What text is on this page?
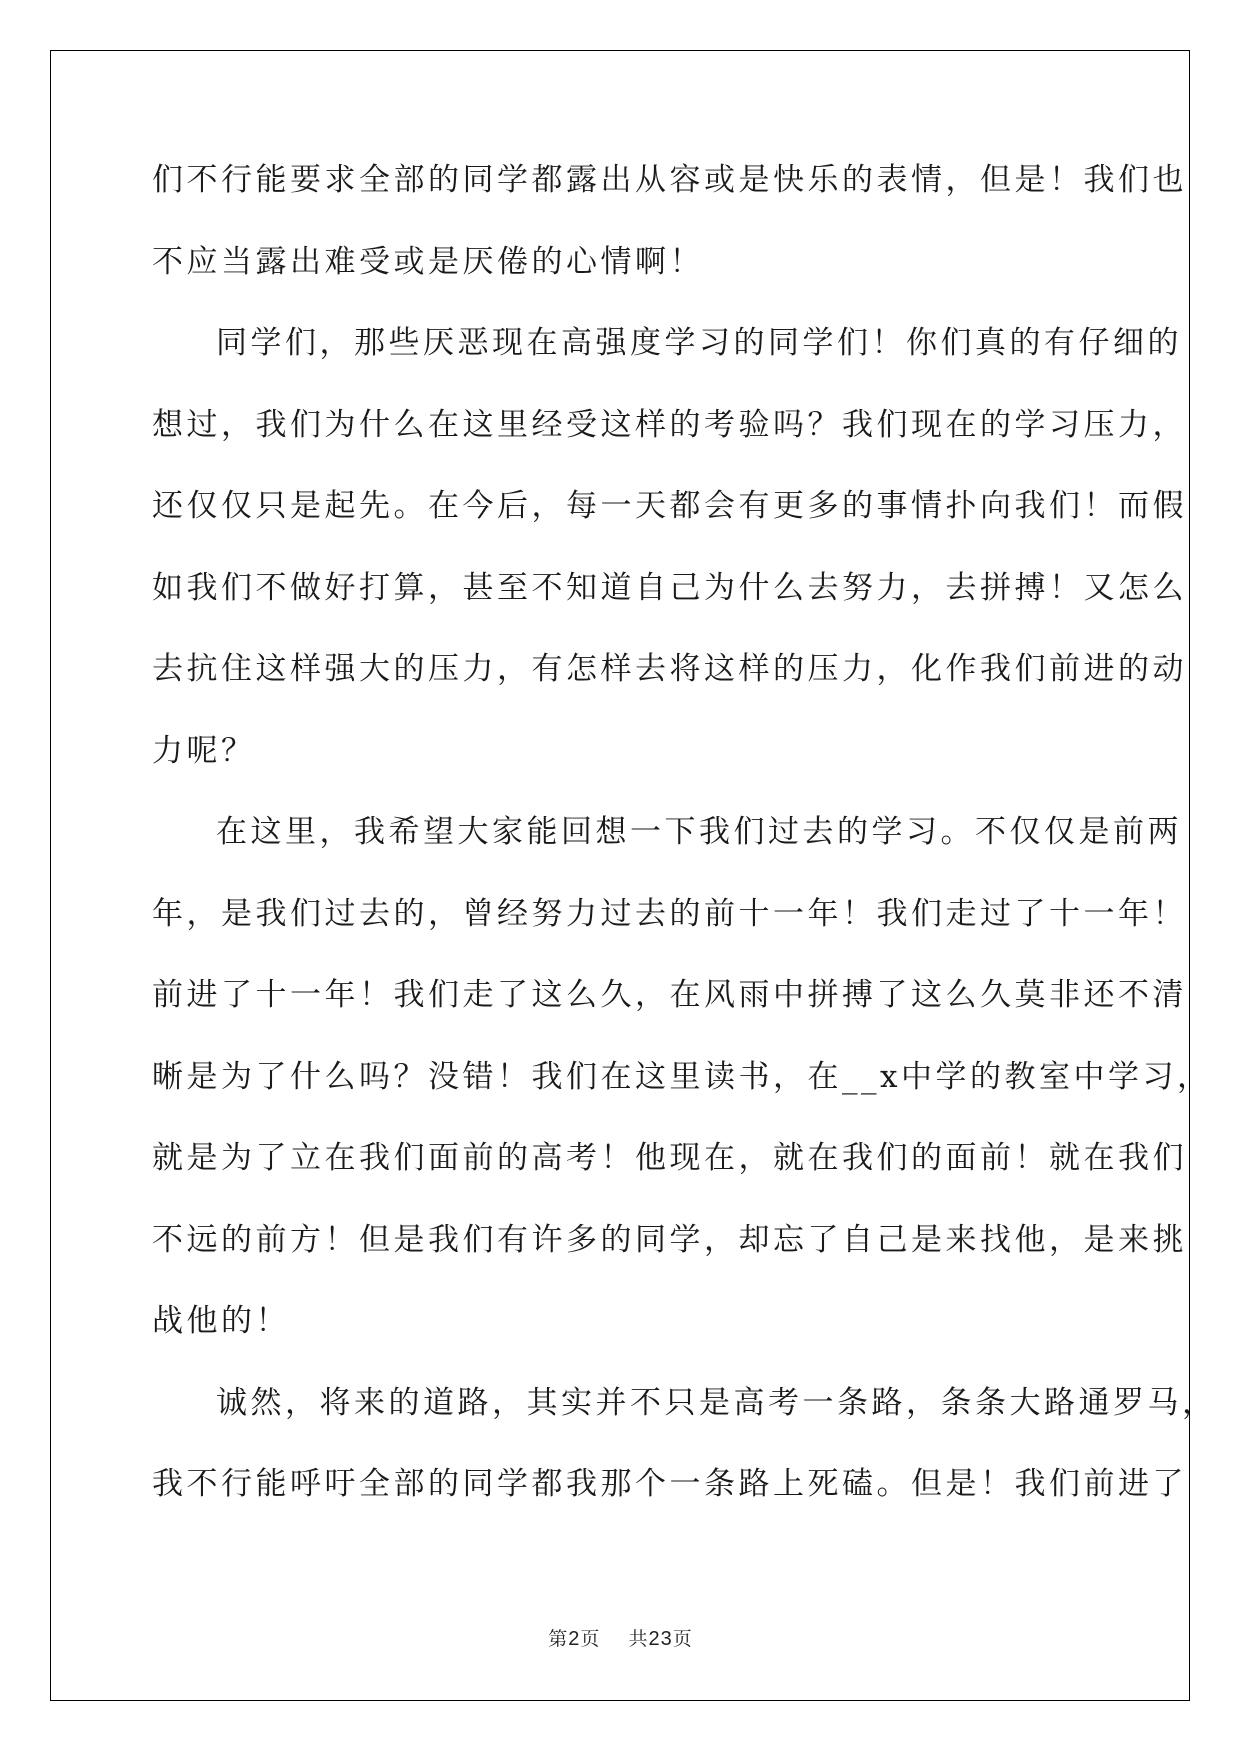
们不行能要求全部的同学都露出从容或是快乐的表情，但是！我们也
不应当露出难受或是厌倦的心情啊！
同学们，那些厌恶现在高强度学习的同学们！你们真的有仔细的
想过，我们为什么在这里经受这样的考验吗？我们现在的学习压力，
还仅仅只是起先。在今后，每一天都会有更多的事情扑向我们！而假
如我们不做好打算，甚至不知道自己为什么去努力，去拼搏！又怎么
去抗住这样强大的压力，有怎样去将这样的压力，化作我们前进的动
力呢？
在这里，我希望大家能回想一下我们过去的学习。不仅仅是前两
年，是我们过去的，曾经努力过去的前十一年！我们走过了十一年！
前进了十一年！我们走了这么久，在风雨中拼搏了这么久莫非还不清
晰是为了什么吗？没错！我们在这里读书，在__x中学的教室中学习，
就是为了立在我们面前的高考！他现在，就在我们的面前！就在我们
不远的前方！但是我们有许多的同学，却忘了自己是来找他，是来挑
战他的！
诚然，将来的道路，其实并不只是高考一条路，条条大路通罗马，
我不行能呼吁全部的同学都我那个一条路上死磕。但是！我们前进了
第2页 共23页
